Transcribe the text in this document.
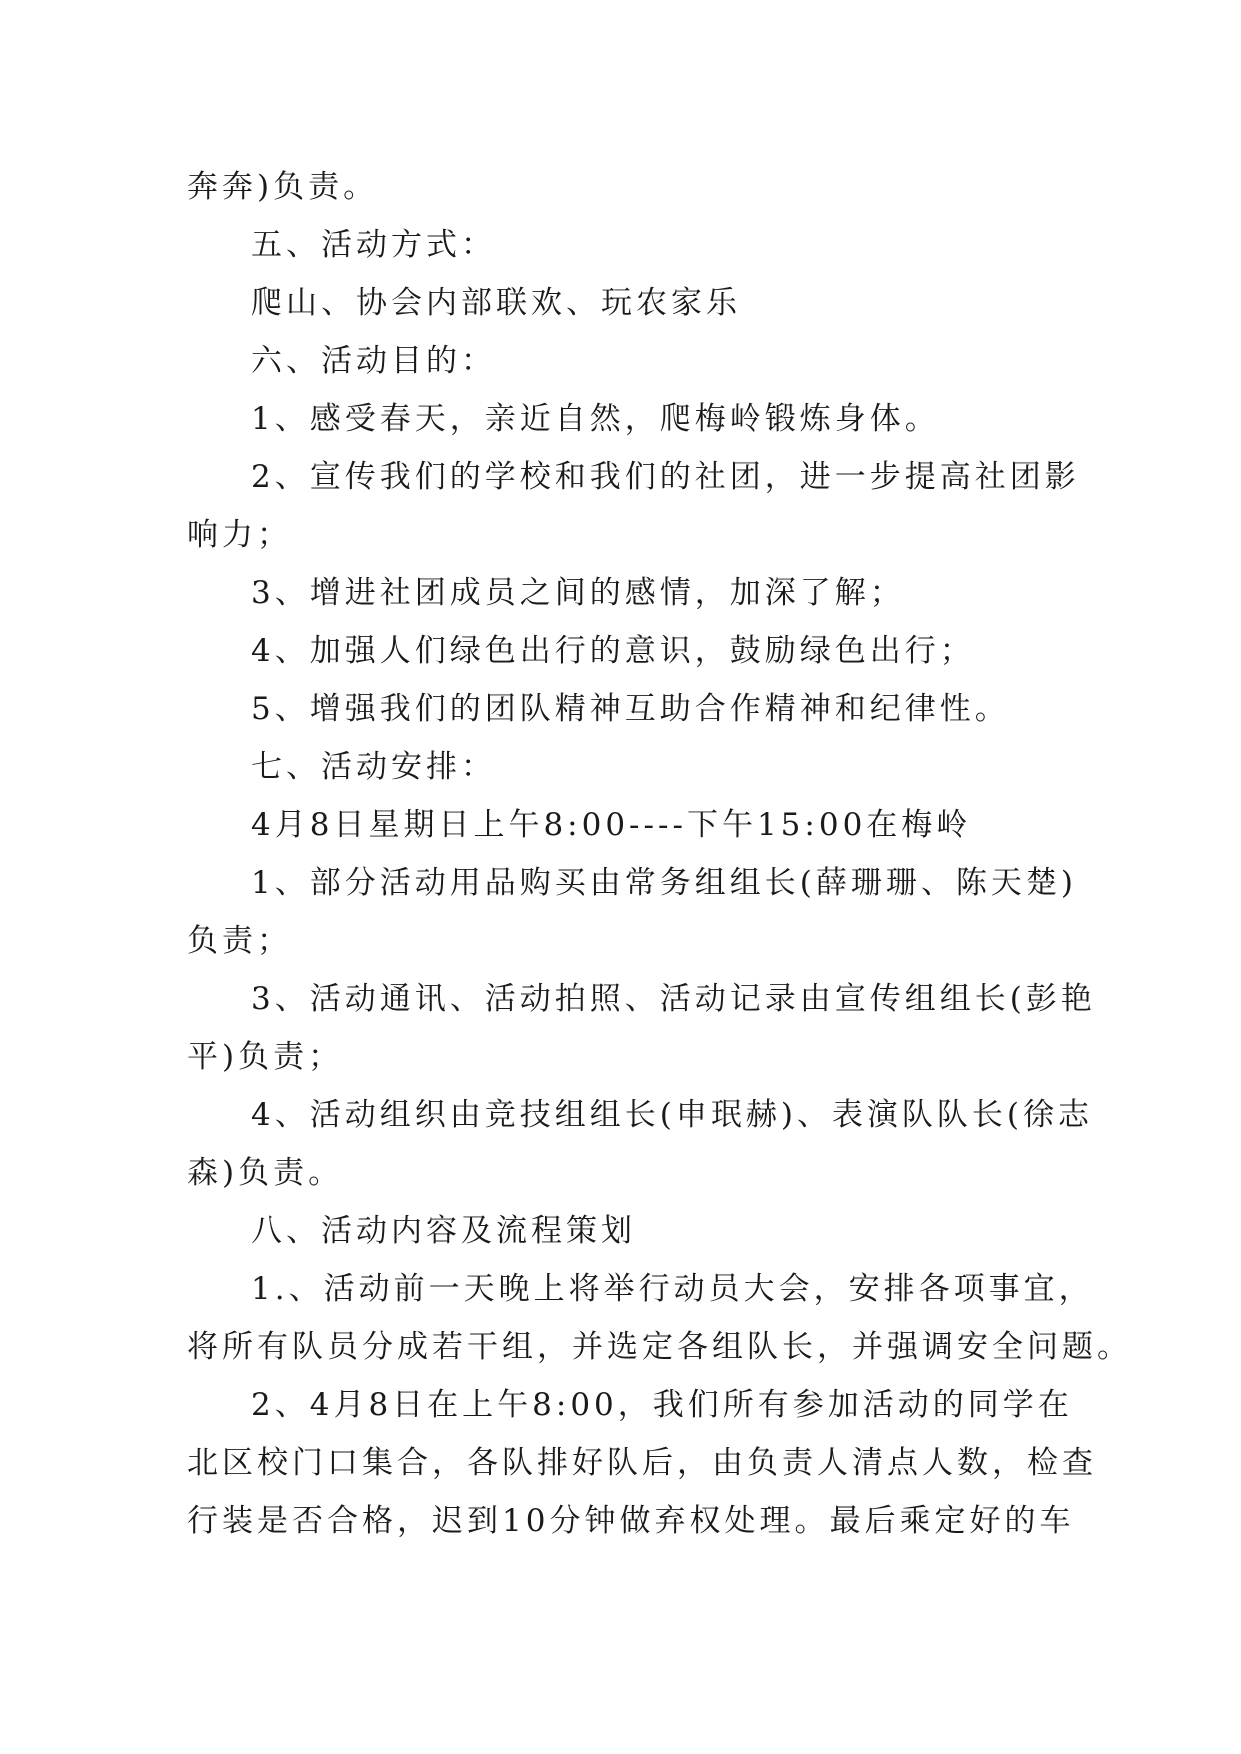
奔奔)负责。
五、活动方式：
爬山、协会内部联欢、玩农家乐
六、活动目的：
1、感受春天，亲近自然，爬梅岭锻炼身体。
2、宣传我们的学校和我们的社团，进一步提高社团影
响力；
3、增进社团成员之间的感情，加深了解；
4、加强人们绿色出行的意识，鼓励绿色出行；
5、增强我们的团队精神互助合作精神和纪律性。
七、活动安排：
4月8日星期日上午8:00----下午15:00在梅岭
1、部分活动用品购买由常务组组长(薛珊珊、陈天楚)
负责；
3、活动通讯、活动拍照、活动记录由宣传组组长(彭艳
平)负责；
4、活动组织由竞技组组长(申珉赫)、表演队队长(徐志
森)负责。
八、活动内容及流程策划
1.、活动前一天晚上将举行动员大会，安排各项事宜，
将所有队员分成若干组，并选定各组队长，并强调安全问题。
2、4月8日在上午8:00，我们所有参加活动的同学在
北区校门口集合，各队排好队后，由负责人清点人数，检查
行装是否合格，迟到10分钟做弃权处理。最后乘定好的车
